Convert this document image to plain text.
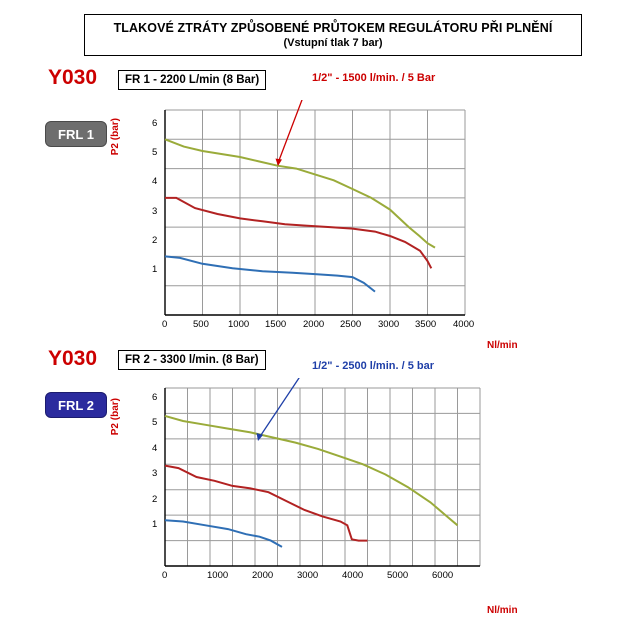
TLAKOVÉ ZTRÁTY ZPŮSOBENÉ PRŮTOKEM REGULÁTORU PŘI PLNĚNÍ
(Vstupní tlak 7 bar)
Y030
FRL 1
FR 1 - 2200 L/min (8 Bar)	1/2" - 1500 l/min. / 5 Bar
P2 (bar)
Nl/min
6
5
4
3
2
1
0	500 1000 1500 2000 2500 3000 3500 4000
Y030
FRL 2
FR 2 - 3300 l/min. (8 Bar)	1/2" - 2500 l/min. / 5 bar
P2 (bar)
Nl/min
6
5
4
3
2
1
0	1000	2000	3000	4000	5000	6000
